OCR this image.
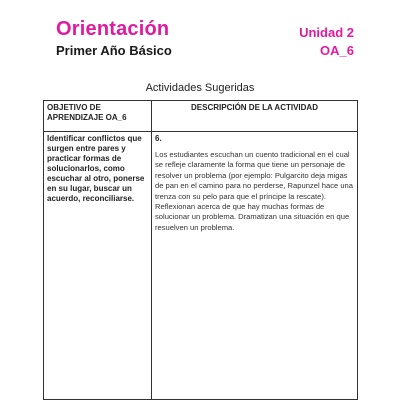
Orientación
Primer Año Básico
Unidad 2
OA_6
Actividades Sugeridas
OBJETIVO DE APRENDIZAJE OA_6	DESCRIPCIÓN DE LA ACTIVIDAD

Identificar conflictos que surgen entre pares y practicar formas de solucionarlos, como escuchar al otro, ponerse en su lugar, buscar un acuerdo, reconciliarse.	6.
Los estudiantes escuchan un cuento tradicional en el cual se refleje claramente la forma que tiene un personaje de resolver un problema (por ejemplo: Pulgarcito deja migas de pan en el camino para no perderse, Rapunzel hace una trenza con su pelo para que el príncipe la rescate). Reflexionan acerca de que hay muchas formas de solucionar un problema. Dramatizan una situación en que resuelven un problema.
